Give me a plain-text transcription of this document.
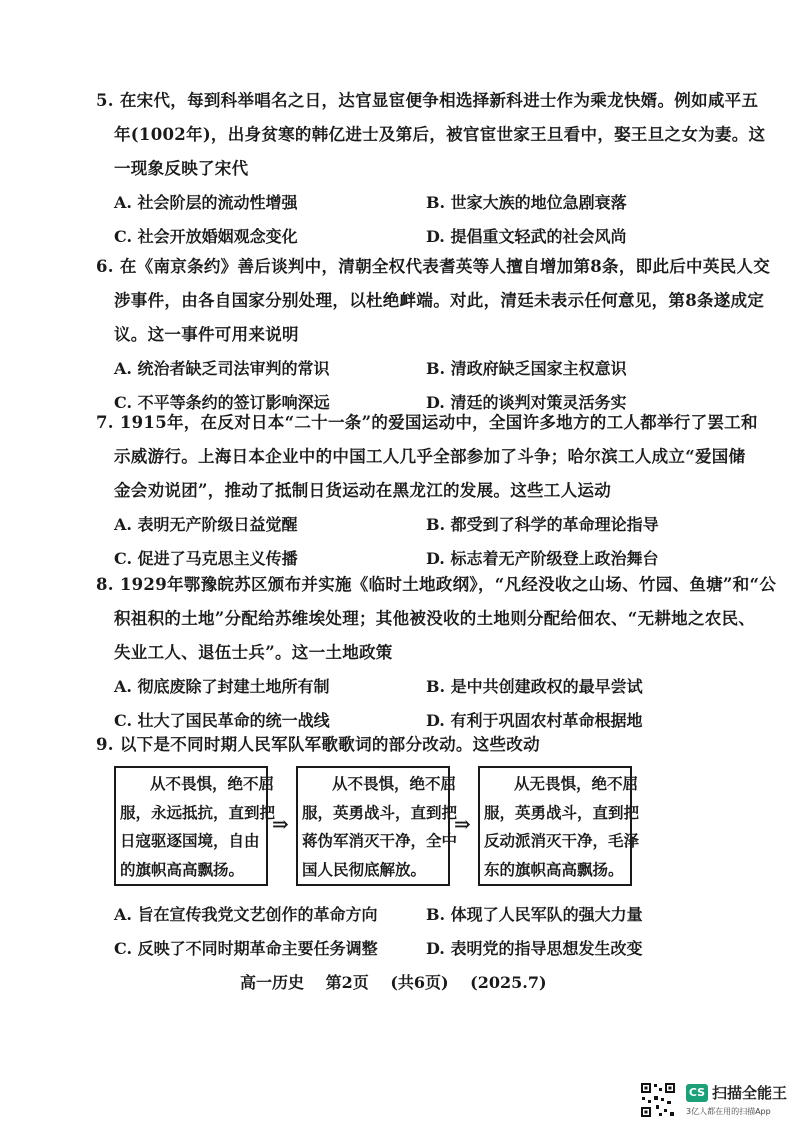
5. 在宋代，每到科举唱名之日，达官显宦便争相选择新科进士作为乘龙快婿。例如咸平五
年(1002年)，出身贫寒的韩亿进士及第后，被官宦世家王旦看中，娶王旦之女为妻。这
一现象反映了宋代
A. 社会阶层的流动性增强	B. 世家大族的地位急剧衰落
C. 社会开放婚姻观念变化	D. 提倡重文轻武的社会风尚
6. 在《南京条约》善后谈判中，清朝全权代表耆英等人擅自增加第8条，即此后中英民人交
涉事件，由各自国家分别处理，以杜绝衅端。对此，清廷未表示任何意见，第8条遂成定
议。这一事件可用来说明
A. 统治者缺乏司法审判的常识	B. 清政府缺乏国家主权意识
C. 不平等条约的签订影响深远	D. 清廷的谈判对策灵活务实
7. 1915年，在反对日本“二十一条”的爱国运动中，全国许多地方的工人都举行了罢工和
示威游行。上海日本企业中的中国工人几乎全部参加了斗争；哈尔滨工人成立“爱国储
金会劝说团”，推动了抵制日货运动在黑龙江的发展。这些工人运动
A. 表明无产阶级日益觉醒	B. 都受到了科学的革命理论指导
C. 促进了马克思主义传播	D. 标志着无产阶级登上政治舞台
8. 1929年鄂豫皖苏区颁布并实施《临时土地政纲》，“凡经没收之山场、竹园、鱼塘”和“公
积祖积的土地”分配给苏维埃处理；其他被没收的土地则分配给佃农、“无耕地之农民、
失业工人、退伍士兵”。这一土地政策
A. 彻底废除了封建土地所有制	B. 是中共创建政权的最早尝试
C. 壮大了国民革命的统一战线	D. 有利于巩固农村革命根据地
9. 以下是不同时期人民军队军歌歌词的部分改动。这些改动
从不畏惧，绝不屈
服，永远抵抗，直到把
日寇驱逐国境，自由
的旗帜高高飘扬。
⇒
从不畏惧，绝不屈
服，英勇战斗，直到把
蒋伪军消灭干净，全中
国人民彻底解放。
⇒
从无畏惧，绝不屈
服，英勇战斗，直到把
反动派消灭干净，毛泽
东的旗帜高高飘扬。
A. 旨在宣传我党文艺创作的革命方向	B. 体现了人民军队的强大力量
C. 反映了不同时期革命主要任务调整	D. 表明党的指导思想发生改变
高一历史 第2页 (共6页) (2025.7)
CS 扫描全能王
3亿人都在用的扫描App
